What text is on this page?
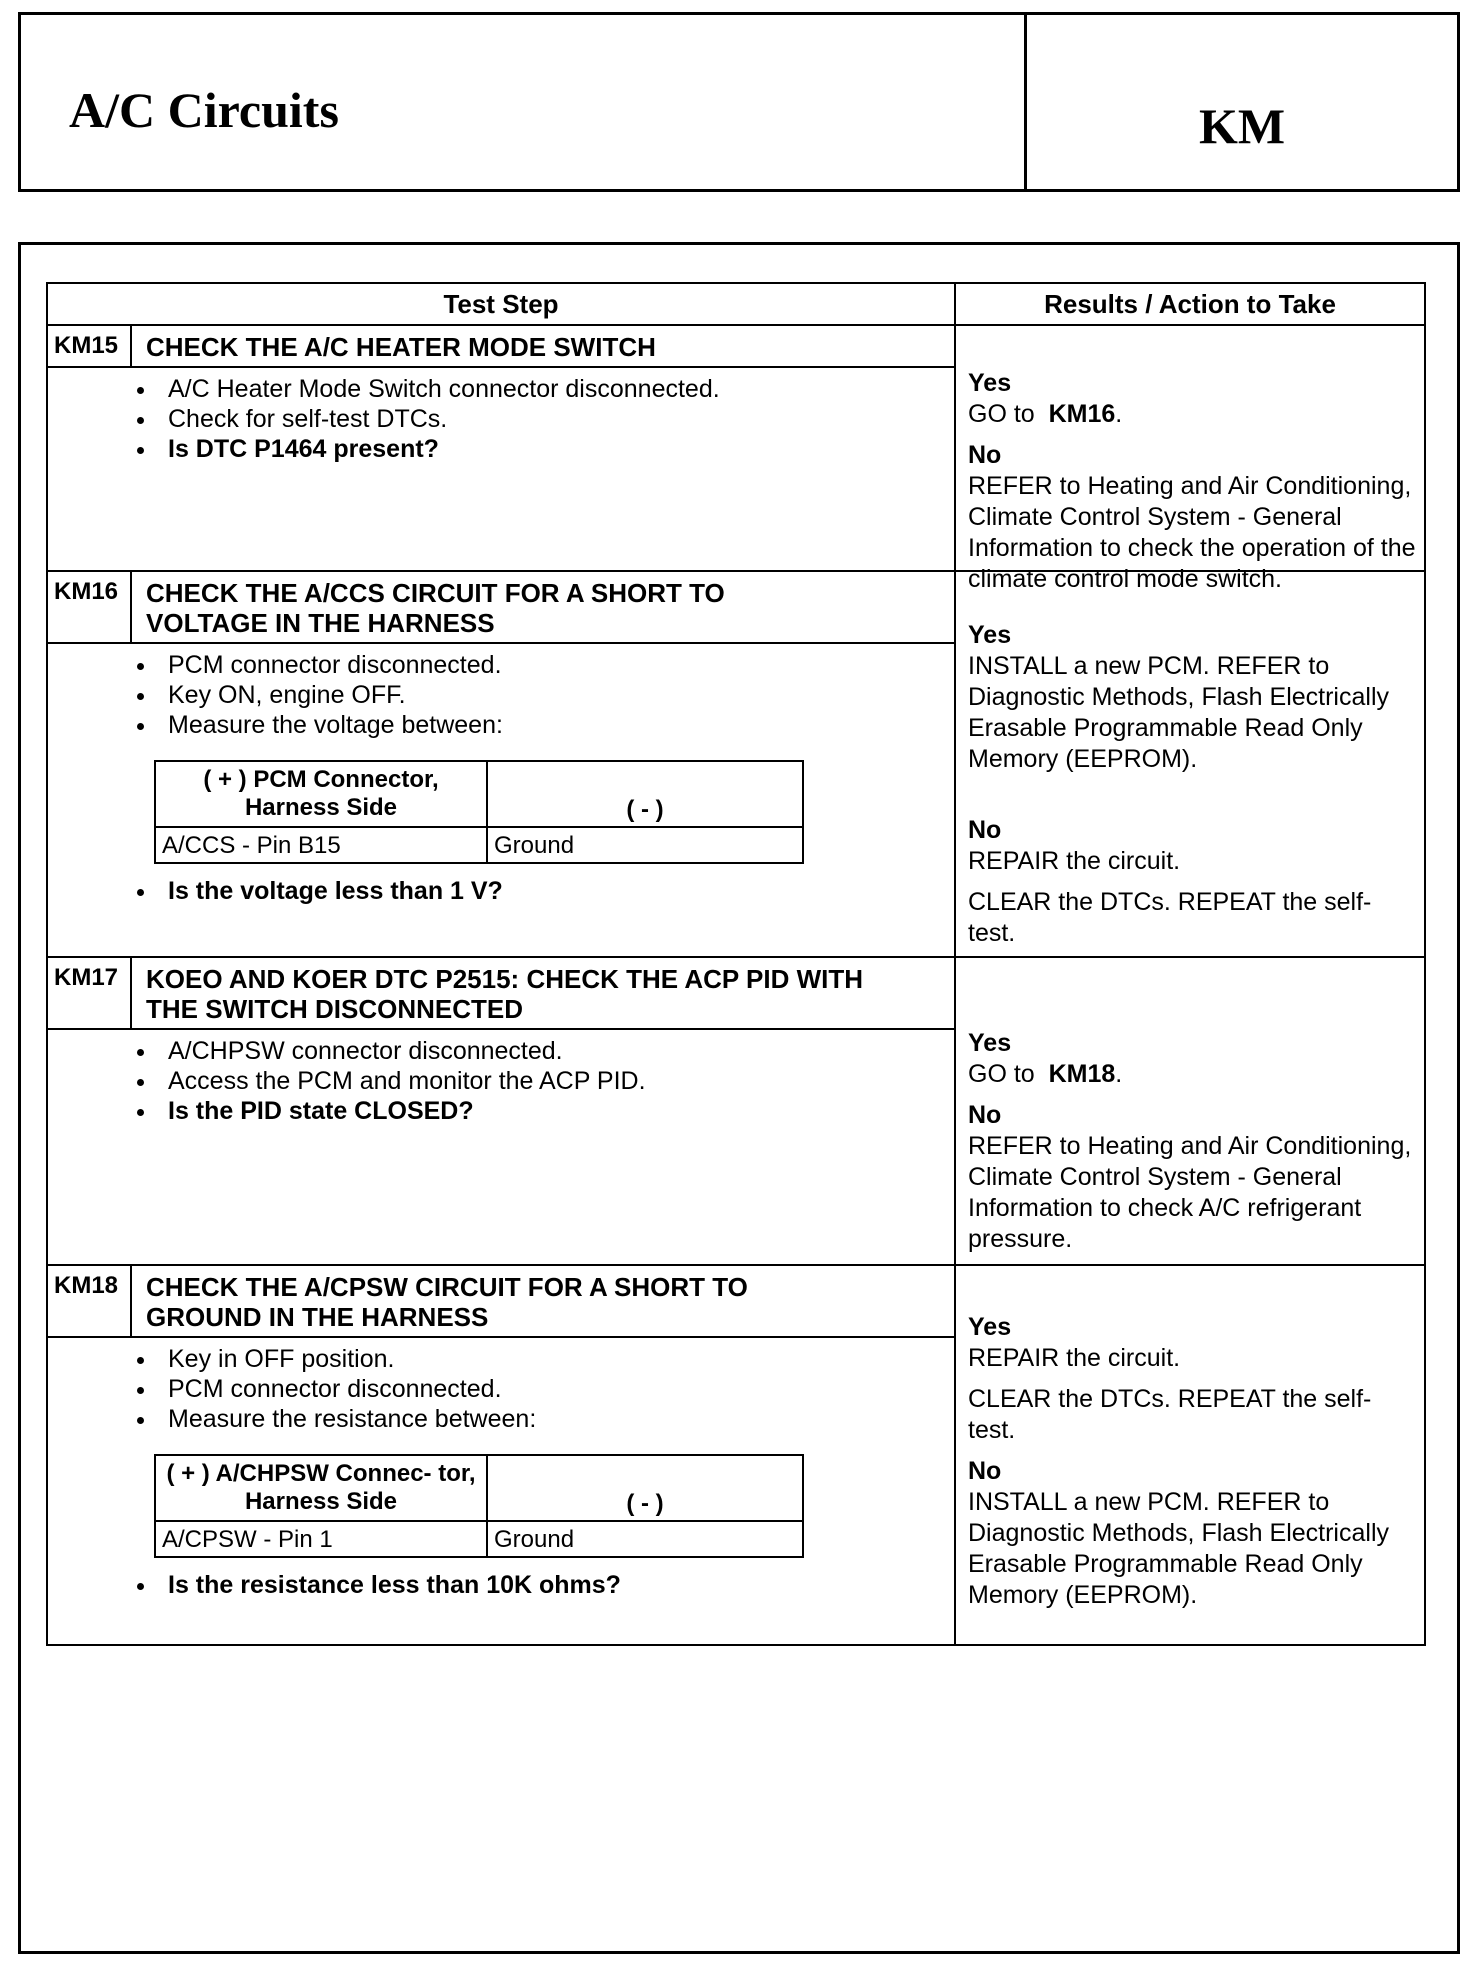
A/C Circuits	KM
Test Step	Results / Action to Take
KM15	CHECK THE A/C HEATER MODE SWITCH
• A/C Heater Mode Switch connector disconnected.
• Check for self-test DTCs.
• Is DTC P1464 present?
Yes
GO to KM16.
No
REFER to Heating and Air Conditioning, Climate Control System - General Information to check the operation of the climate control mode switch.
KM16	CHECK THE A/CCS CIRCUIT FOR A SHORT TO VOLTAGE IN THE HARNESS
• PCM connector disconnected.
• Key ON, engine OFF.
• Measure the voltage between:
( + ) PCM Connector, Harness Side	( - )
A/CCS - Pin B15	Ground
• Is the voltage less than 1 V?
Yes
INSTALL a new PCM. REFER to Diagnostic Methods, Flash Electrically Erasable Programmable Read Only Memory (EEPROM).
No
REPAIR the circuit.
CLEAR the DTCs. REPEAT the self-test.
KM17	KOEO AND KOER DTC P2515: CHECK THE ACP PID WITH THE SWITCH DISCONNECTED
• A/CHPSW connector disconnected.
• Access the PCM and monitor the ACP PID.
• Is the PID state CLOSED?
Yes
GO to KM18.
No
REFER to Heating and Air Conditioning, Climate Control System - General Information to check A/C refrigerant pressure.
KM18	CHECK THE A/CPSW CIRCUIT FOR A SHORT TO GROUND IN THE HARNESS
• Key in OFF position.
• PCM connector disconnected.
• Measure the resistance between:
( + ) A/CHPSW Connec- tor, Harness Side	( - )
A/CPSW - Pin 1	Ground
• Is the resistance less than 10K ohms?
Yes
REPAIR the circuit.
CLEAR the DTCs. REPEAT the self-test.
No
INSTALL a new PCM. REFER to Diagnostic Methods, Flash Electrically Erasable Programmable Read Only Memory (EEPROM).
